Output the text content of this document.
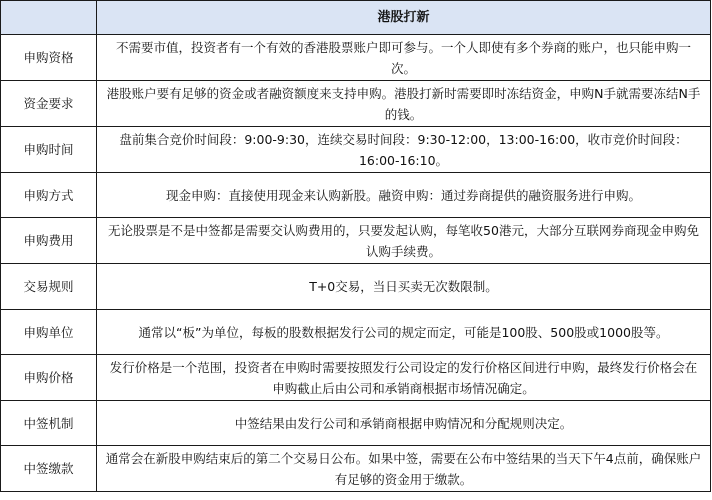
	港股打新
申购资格	不需要市值，投资者有一个有效的香港股票账户即可参与。一个人即使有多个券商的账户，也只能申购一次。
资金要求	港股账户要有足够的资金或者融资额度来支持申购。港股打新时需要即时冻结资金，申购N手就需要冻结N手的钱。
申购时间	盘前集合竞价时间段：9:00-9:30，连续交易时间段：9:30-12:00，13:00-16:00，收市竞价时间段：16:00-16:10。
申购方式	现金申购：直接使用现金来认购新股。融资申购：通过券商提供的融资服务进行申购。
申购费用	无论股票是不是中签都是需要交认购费用的，只要发起认购，每笔收50港元，大部分互联网券商现金申购免认购手续费。
交易规则	T+0交易，当日买卖无次数限制。
申购单位	通常以“板”为单位，每板的股数根据发行公司的规定而定，可能是100股、500股或1000股等。
申购价格	发行价格是一个范围，投资者在申购时需要按照发行公司设定的发行价格区间进行申购，最终发行价格会在申购截止后由公司和承销商根据市场情况确定。
中签机制	中签结果由发行公司和承销商根据申购情况和分配规则决定。
中签缴款	通常会在新股申购结束后的第二个交易日公布。如果中签，需要在公布中签结果的当天下午4点前，确保账户有足够的资金用于缴款。
